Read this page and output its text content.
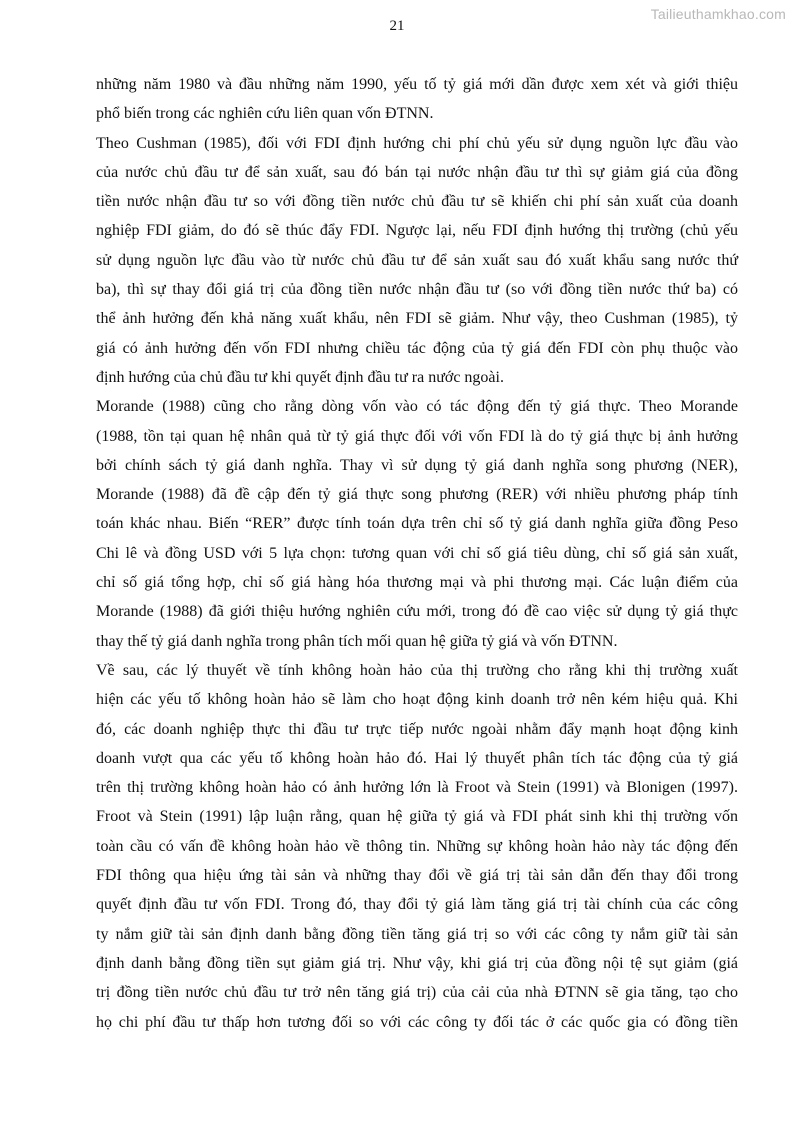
Tailieuthamkhao.com
21

những năm 1980 và đầu những năm 1990, yếu tố tỷ giá mới dần được xem xét và giới thiệu
phổ biến trong các nghiên cứu liên quan vốn ĐTNN.

Theo Cushman (1985), đối với FDI định hướng chi phí chủ yếu sử dụng nguồn lực đầu vào
của nước chủ đầu tư để sản xuất, sau đó bán tại nước nhận đầu tư thì sự giảm giá của đồng
tiền nước nhận đầu tư so với đồng tiền nước chủ đầu tư sẽ khiến chi phí sản xuất của doanh
nghiệp FDI giảm, do đó sẽ thúc đẩy FDI. Ngược lại, nếu FDI định hướng thị trường (chủ yếu
sử dụng nguồn lực đầu vào từ nước chủ đầu tư để sản xuất sau đó xuất khẩu sang nước thứ
ba), thì sự thay đổi giá trị của đồng tiền nước nhận đầu tư (so với đồng tiền nước thứ ba) có
thể ảnh hưởng đến khả năng xuất khẩu, nên FDI sẽ giảm. Như vậy, theo Cushman (1985), tỷ
giá có ảnh hưởng đến vốn FDI nhưng chiều tác động của tỷ giá đến FDI còn phụ thuộc vào
định hướng của chủ đầu tư khi quyết định đầu tư ra nước ngoài.

Morande (1988) cũng cho rằng dòng vốn vào có tác động đến tỷ giá thực. Theo Morande
(1988, tồn tại quan hệ nhân quả từ tỷ giá thực đối với vốn FDI là do tỷ giá thực bị ảnh hưởng
bởi chính sách tỷ giá danh nghĩa. Thay vì sử dụng tỷ giá danh nghĩa song phương (NER),
Morande (1988) đã đề cập đến tỷ giá thực song phương (RER) với nhiều phương pháp tính
toán khác nhau. Biến “RER” được tính toán dựa trên chỉ số tỷ giá danh nghĩa giữa đồng Peso
Chi lê và đồng USD với 5 lựa chọn: tương quan với chỉ số giá tiêu dùng, chỉ số giá sản xuất,
chỉ số giá tổng hợp, chỉ số giá hàng hóa thương mại và phi thương mại. Các luận điểm của
Morande (1988) đã giới thiệu hướng nghiên cứu mới, trong đó đề cao việc sử dụng tỷ giá thực
thay thế tỷ giá danh nghĩa trong phân tích mối quan hệ giữa tỷ giá và vốn ĐTNN.

Về sau, các lý thuyết về tính không hoàn hảo của thị trường cho rằng khi thị trường xuất
hiện các yếu tố không hoàn hảo sẽ làm cho hoạt động kinh doanh trở nên kém hiệu quả. Khi
đó, các doanh nghiệp thực thi đầu tư trực tiếp nước ngoài nhằm đẩy mạnh hoạt động kinh
doanh vượt qua các yếu tố không hoàn hảo đó. Hai lý thuyết phân tích tác động của tỷ giá
trên thị trường không hoàn hảo có ảnh hưởng lớn là Froot và Stein (1991) và Blonigen (1997).
Froot và Stein (1991) lập luận rằng, quan hệ giữa tỷ giá và FDI phát sinh khi thị trường vốn
toàn cầu có vấn đề không hoàn hảo về thông tin. Những sự không hoàn hảo này tác động đến
FDI thông qua hiệu ứng tài sản và những thay đổi về giá trị tài sản dẫn đến thay đổi trong
quyết định đầu tư vốn FDI. Trong đó, thay đổi tỷ giá làm tăng giá trị tài chính của các công
ty nắm giữ tài sản định danh bằng đồng tiền tăng giá trị so với các công ty nắm giữ tài sản
định danh bằng đồng tiền sụt giảm giá trị. Như vậy, khi giá trị của đồng nội tệ sụt giảm (giá
trị đồng tiền nước chủ đầu tư trở nên tăng giá trị) của cải của nhà ĐTNN sẽ gia tăng, tạo cho
họ chi phí đầu tư thấp hơn tương đối so với các công ty đối tác ở các quốc gia có đồng tiền
